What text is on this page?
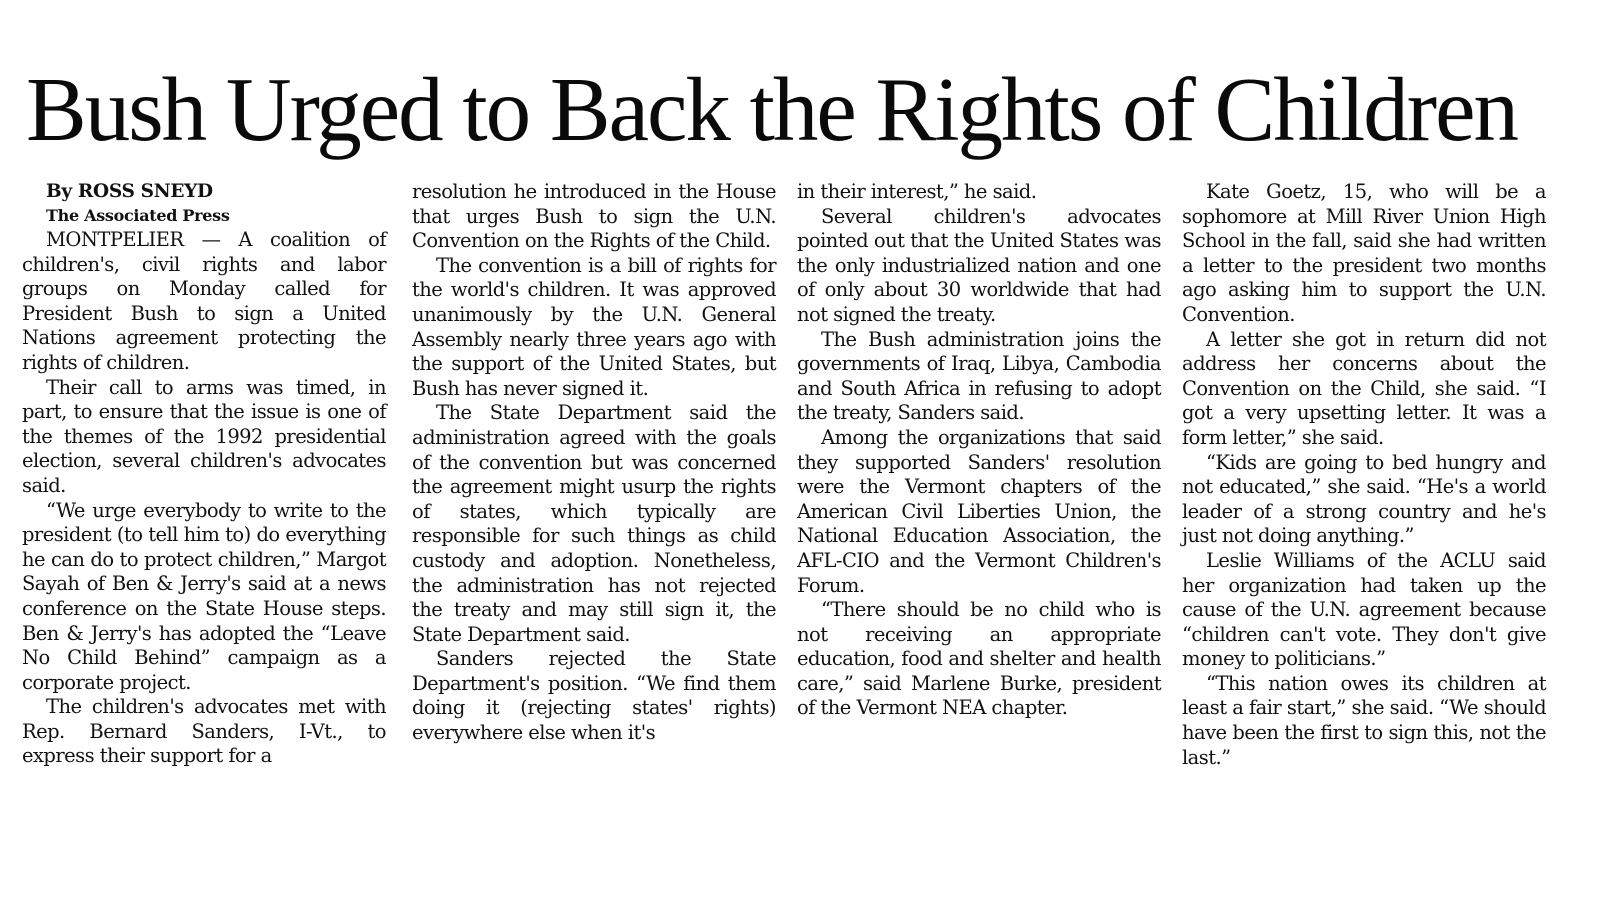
Bush Urged to Back the Rights of Children

By ROSS SNEYD

The Associated Press

MONTPELIER — A coalition of children's, civil rights and labor groups on Monday called for President Bush to sign a United Nations agreement protecting the rights of children.

Their call to arms was timed, in part, to ensure that the issue is one of the themes of the 1992 presidential election, several children's advocates said.

“We urge everybody to write to the president (to tell him to) do everything he can do to protect children,” Margot Sayah of Ben & Jerry's said at a news conference on the State House steps. Ben & Jerry's has adopted the “Leave No Child Behind” campaign as a corporate project.

The children's advocates met with Rep. Bernard Sanders, I-Vt., to express their support for a

resolution he introduced in the House that urges Bush to sign the U.N. Convention on the Rights of the Child.

The convention is a bill of rights for the world's children. It was approved unanimously by the U.N. General Assembly nearly three years ago with the support of the United States, but Bush has never signed it.

The State Department said the administration agreed with the goals of the convention but was concerned the agreement might usurp the rights of states, which typically are responsible for such things as child custody and adoption. Nonetheless, the administration has not rejected the treaty and may still sign it, the State Department said.

Sanders rejected the State Department's position. “We find them doing it (rejecting states' rights) everywhere else when it's

in their interest,” he said.

Several children's advocates pointed out that the United States was the only industrialized nation and one of only about 30 worldwide that had not signed the treaty.

The Bush administration joins the governments of Iraq, Libya, Cambodia and South Africa in refusing to adopt the treaty, Sanders said.

Among the organizations that said they supported Sanders' resolution were the Vermont chapters of the American Civil Liberties Union, the National Education Association, the AFL-CIO and the Vermont Children's Forum.

“There should be no child who is not receiving an appropriate education, food and shelter and health care,” said Marlene Burke, president of the Vermont NEA chapter.

Kate Goetz, 15, who will be a sophomore at Mill River Union High School in the fall, said she had written a letter to the president two months ago asking him to support the U.N. Convention.

A letter she got in return did not address her concerns about the Convention on the Child, she said. “I got a very upsetting letter. It was a form letter,” she said.

“Kids are going to bed hungry and not educated,” she said. “He's a world leader of a strong country and he's just not doing anything.”

Leslie Williams of the ACLU said her organization had taken up the cause of the U.N. agreement because “children can't vote. They don't give money to politicians.”

“This nation owes its children at least a fair start,” she said. “We should have been the first to sign this, not the last.”
